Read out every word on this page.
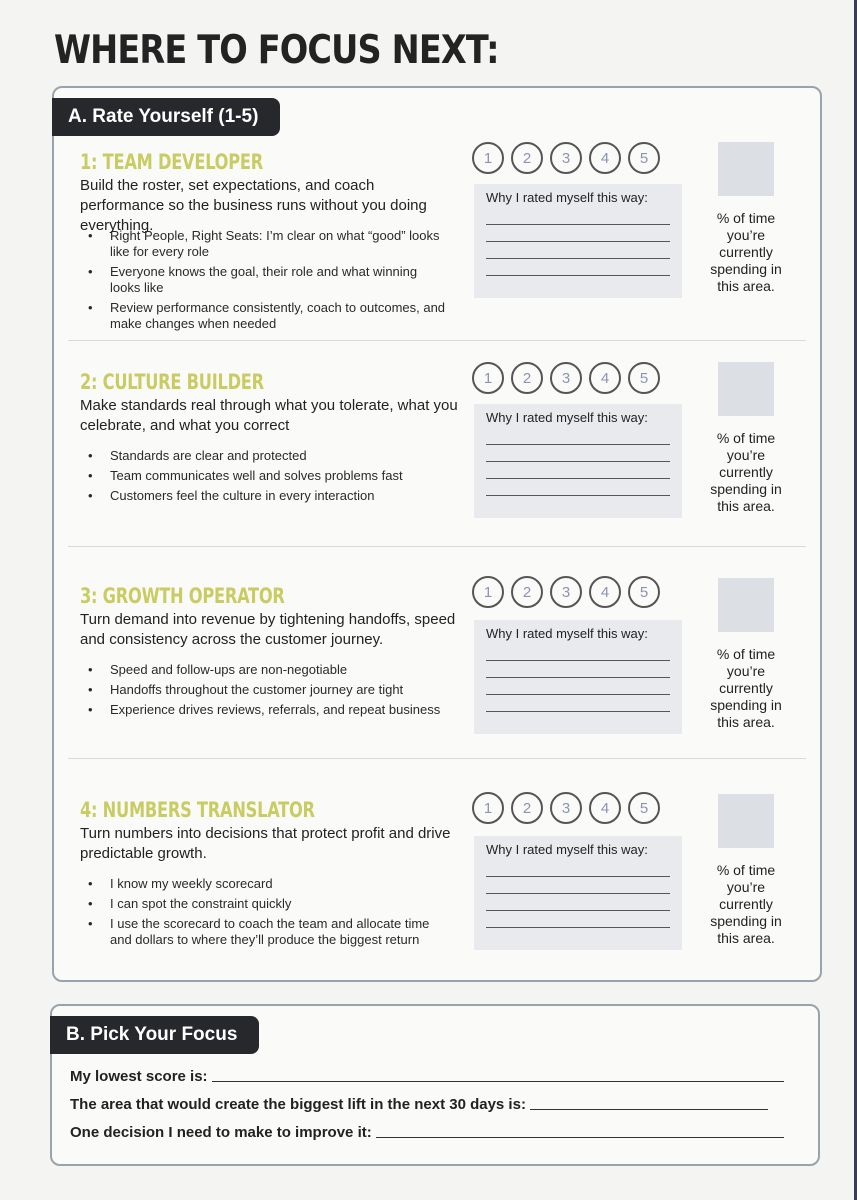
WHERE TO FOCUS NEXT:
A. Rate Yourself (1-5)
1: TEAM DEVELOPER
Build the roster, set expectations, and coach performance so the business runs without you doing everything.
• Right People, Right Seats: I’m clear on what “good” looks like for every role
• Everyone knows the goal, their role and what winning looks like
• Review performance consistently, coach to outcomes, and make changes when needed
1	2	3	4	5
Why I rated myself this way:
% of time
you’re
currently
spending in
this area.
2: CULTURE BUILDER
Make standards real through what you tolerate, what you celebrate, and what you correct
• Standards are clear and protected
• Team communicates well and solves problems fast
• Customers feel the culture in every interaction
1	2	3	4	5
Why I rated myself this way:
% of time
you’re
currently
spending in
this area.
3: GROWTH OPERATOR
Turn demand into revenue by tightening handoffs, speed and consistency across the customer journey.
• Speed and follow-ups are non-negotiable
• Handoffs throughout the customer journey are tight
• Experience drives reviews, referrals, and repeat business
1	2	3	4	5
Why I rated myself this way:
% of time
you’re
currently
spending in
this area.
4: NUMBERS TRANSLATOR
Turn numbers into decisions that protect profit and drive predictable growth.
• I know my weekly scorecard
• I can spot the constraint quickly
• I use the scorecard to coach the team and allocate time and dollars to where they’ll produce the biggest return
1	2	3	4	5
Why I rated myself this way:
% of time
you’re
currently
spending in
this area.
B. Pick Your Focus
My lowest score is:
The area that would create the biggest lift in the next 30 days is:
One decision I need to make to improve it:
